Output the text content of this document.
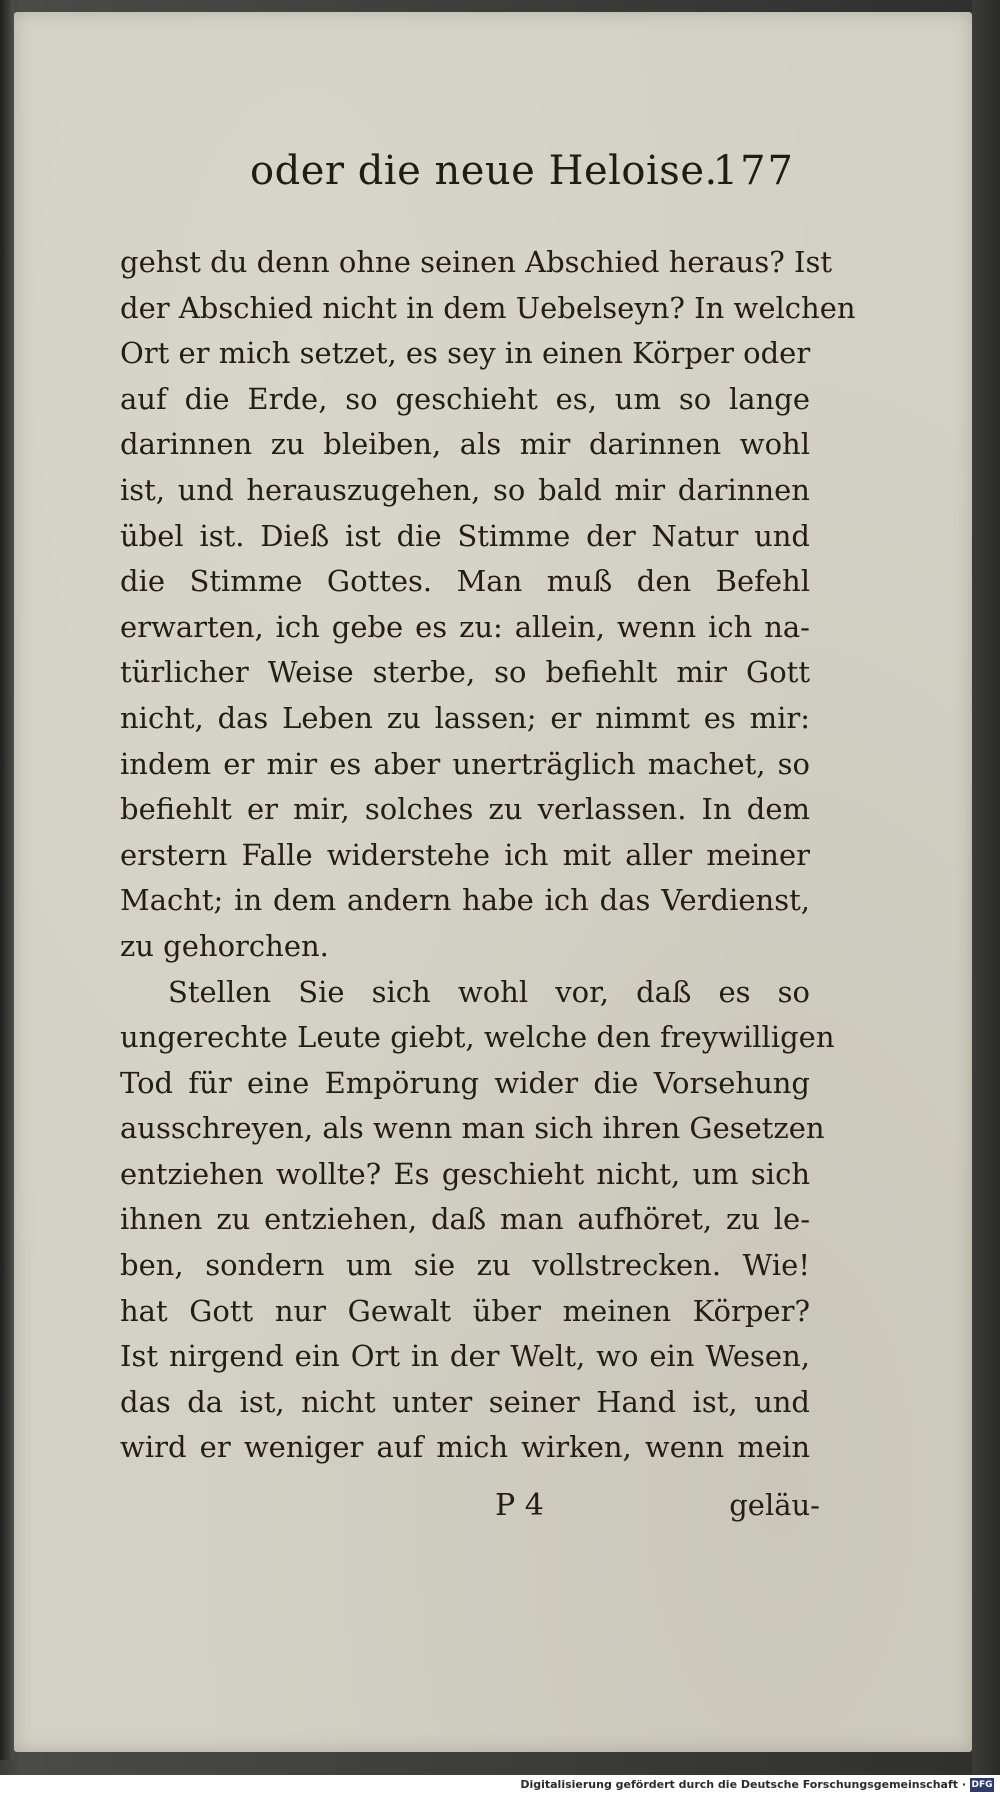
oder die neue Heloise.
177
gehst du denn ohne seinen Abschied heraus? Ist
der Abschied nicht in dem Uebelseyn? In welchen
Ort er mich setzet, es sey in einen Körper oder
auf die Erde, so geschieht es, um so lange
darinnen zu bleiben, als mir darinnen wohl
ist, und herauszugehen, so bald mir darinnen
übel ist. Dieß ist die Stimme der Natur und
die Stimme Gottes. Man muß den Befehl
erwarten, ich gebe es zu: allein, wenn ich na-
türlicher Weise sterbe, so befiehlt mir Gott
nicht, das Leben zu lassen; er nimmt es mir:
indem er mir es aber unerträglich machet, so
befiehlt er mir, solches zu verlassen. In dem
erstern Falle widerstehe ich mit aller meiner
Macht; in dem andern habe ich das Verdienst,
zu gehorchen.
Stellen Sie sich wohl vor, daß es so
ungerechte Leute giebt, welche den freywilligen
Tod für eine Empörung wider die Vorsehung
ausschreyen, als wenn man sich ihren Gesetzen
entziehen wollte? Es geschieht nicht, um sich
ihnen zu entziehen, daß man aufhöret, zu le-
ben, sondern um sie zu vollstrecken. Wie!
hat Gott nur Gewalt über meinen Körper?
Ist nirgend ein Ort in der Welt, wo ein Wesen,
das da ist, nicht unter seiner Hand ist, und
wird er weniger auf mich wirken, wenn mein
P 4	geläu-
Digitalisierung gefördert durch die Deutsche Forschungsgemeinschaft · DFG
